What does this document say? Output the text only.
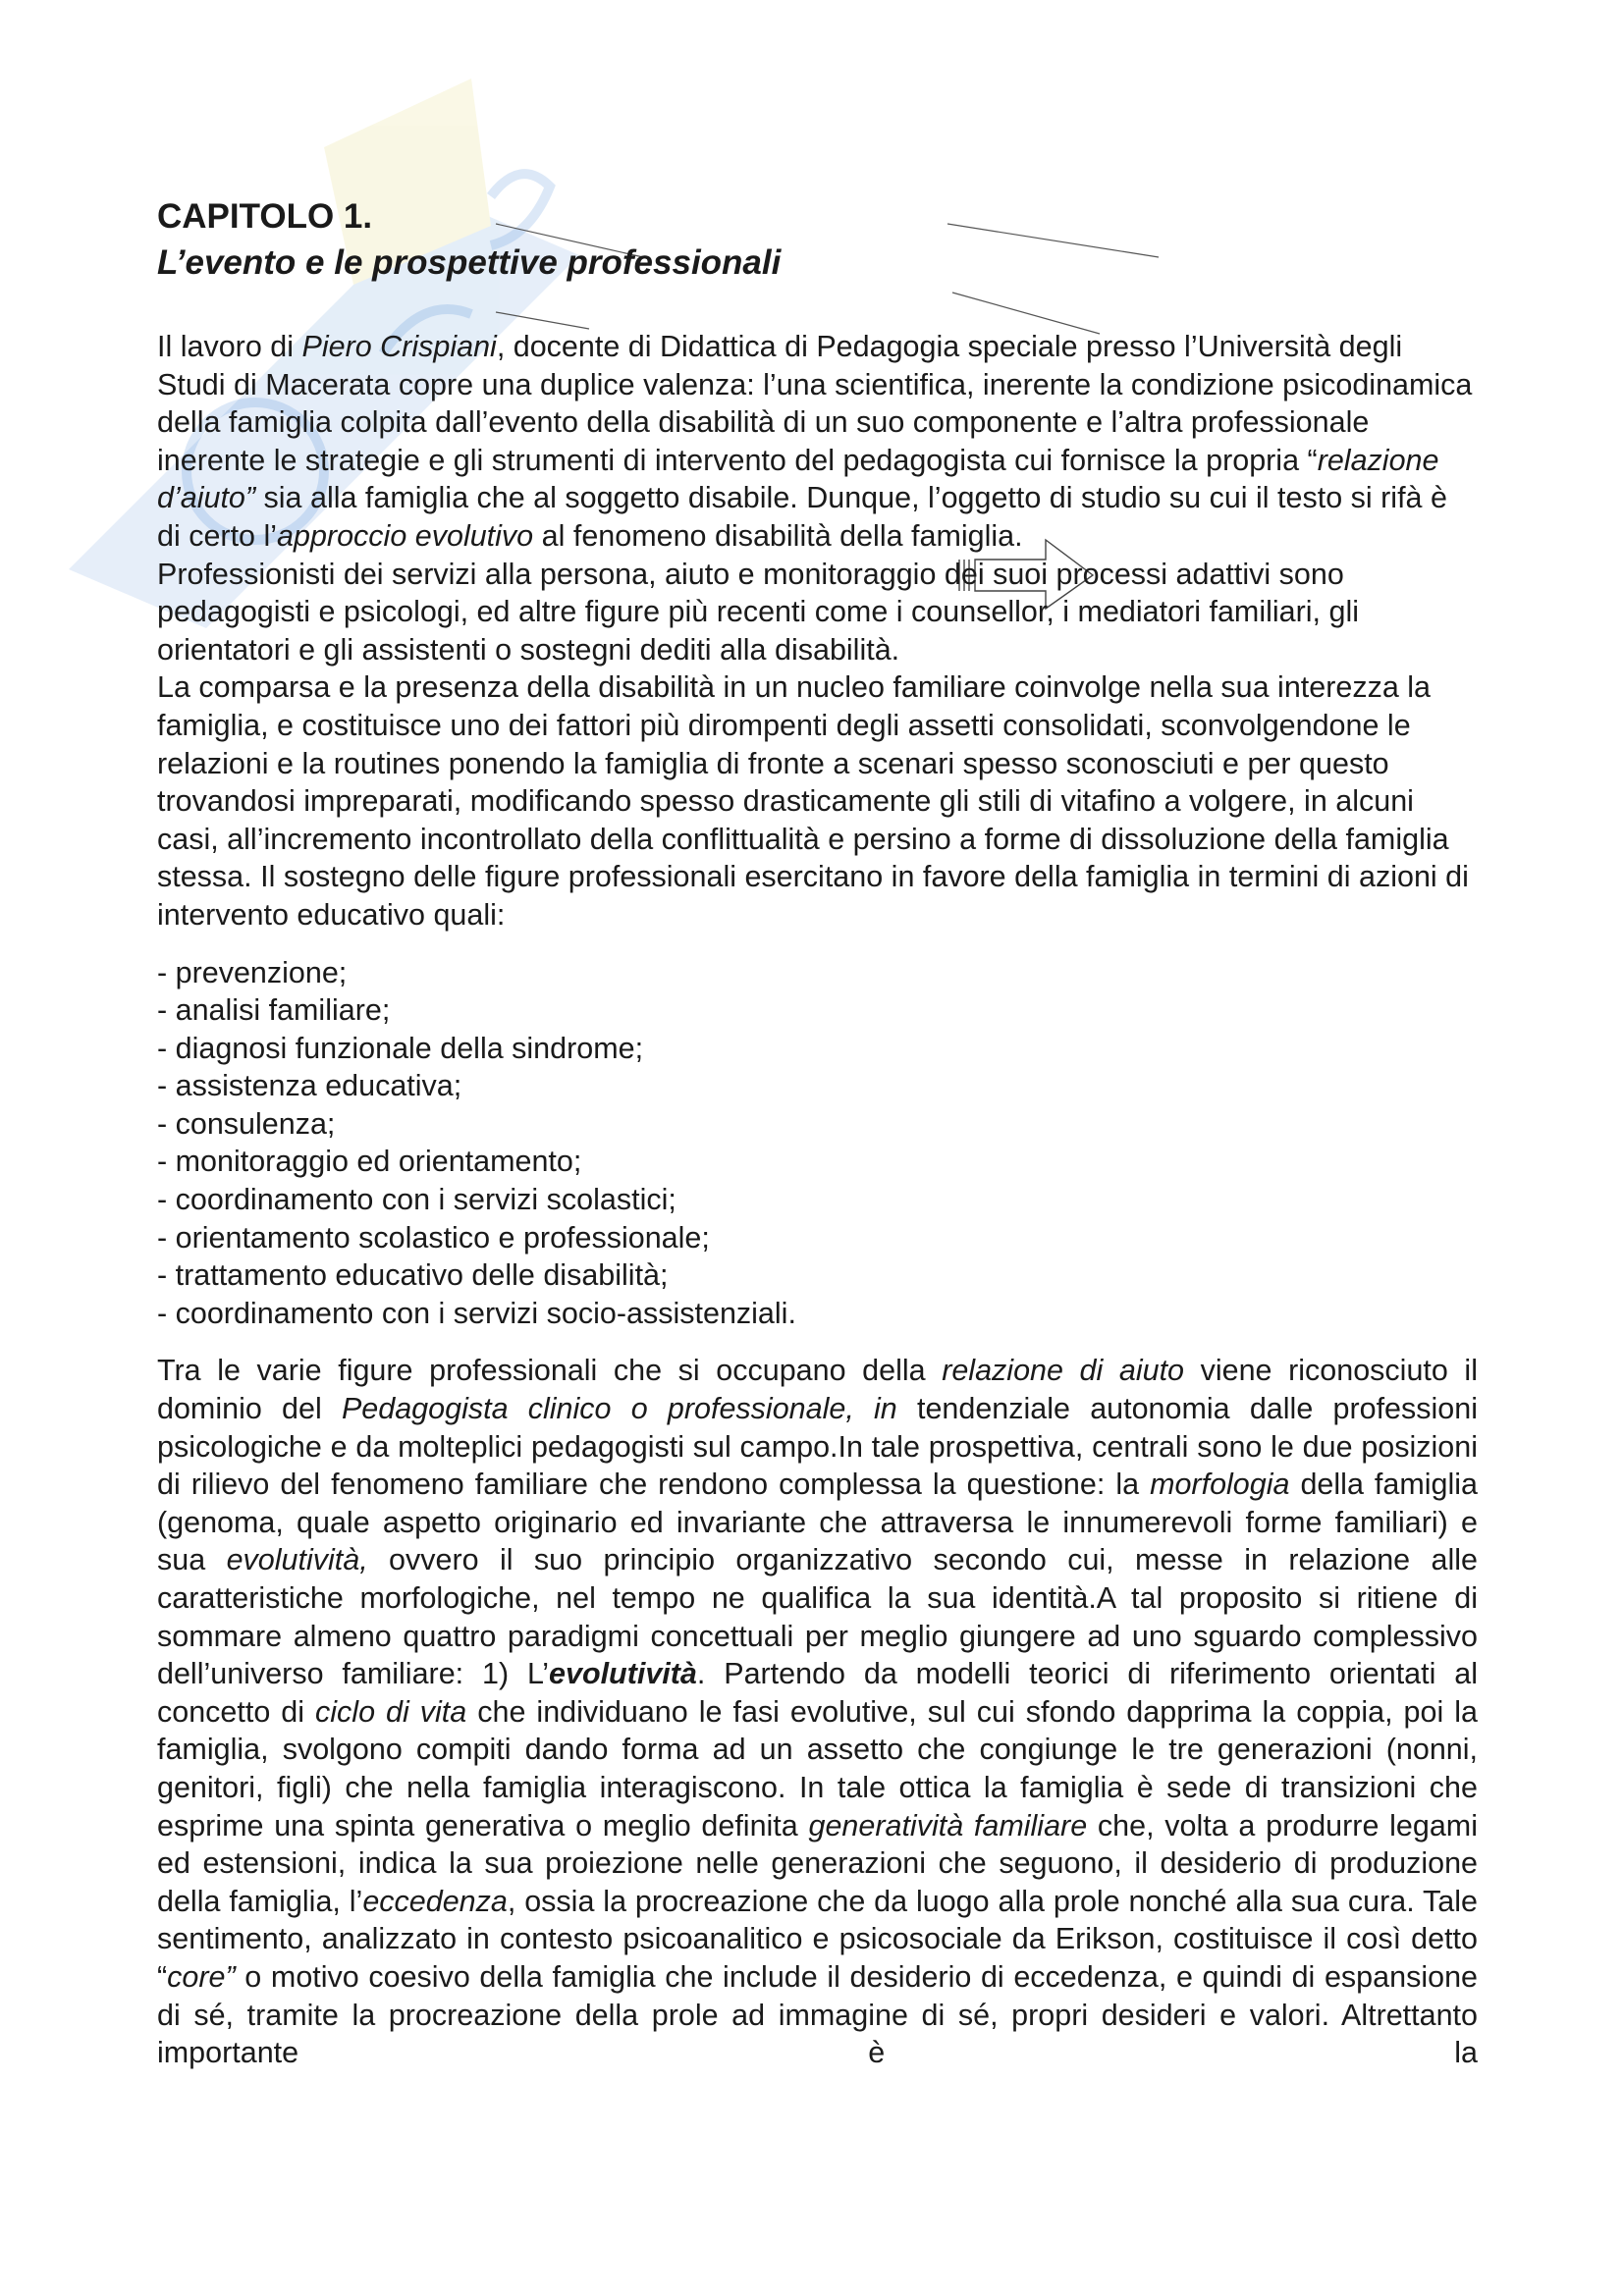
CAPITOLO 1.
L’evento e le prospettive professionali

Il lavoro di Piero Crispiani, docente di Didattica di Pedagogia speciale presso l’Università degli Studi di Macerata copre una duplice valenza: l’una scientifica, inerente la condizione psicodinamica della famiglia colpita dall’evento della disabilità di un suo componente e l’altra professionale inerente le strategie e gli strumenti di intervento del pedagogista cui fornisce la propria “relazione d’aiuto” sia alla famiglia che al soggetto disabile. Dunque, l’oggetto di studio su cui il testo si rifà è di certo l’approccio evolutivo al fenomeno disabilità della famiglia.

Professionisti dei servizi alla persona, aiuto e monitoraggio dei suoi processi adattivi sono pedagogisti e psicologi, ed altre figure più recenti come i counsellor, i mediatori familiari, gli orientatori e gli assistenti o sostegni dediti alla disabilità.

La comparsa e la presenza della disabilità in un nucleo familiare coinvolge nella sua interezza la famiglia, e costituisce uno dei fattori più dirompenti degli assetti consolidati, sconvolgendone le relazioni e la routines ponendo la famiglia di fronte a scenari spesso sconosciuti e per questo trovandosi impreparati, modificando spesso drasticamente gli stili di vitafino a volgere, in alcuni casi, all’incremento incontrollato della conflittualità e persino a forme di dissoluzione della famiglia stessa. Il sostegno delle figure professionali esercitano in favore della famiglia in termini di azioni di intervento educativo quali:

- prevenzione;
- analisi familiare;
- diagnosi funzionale della sindrome;
- assistenza educativa;
- consulenza;
- monitoraggio ed orientamento;
- coordinamento con i servizi scolastici;
- orientamento scolastico e professionale;
- trattamento educativo delle disabilità;
- coordinamento con i servizi socio-assistenziali.

Tra le varie figure professionali che si occupano della relazione di aiuto viene riconosciuto il dominio del Pedagogista clinico o professionale, in tendenziale autonomia dalle professioni psicologiche e da molteplici pedagogisti sul campo.In tale prospettiva, centrali sono le due posizioni di rilievo del fenomeno familiare che rendono complessa la questione: la morfologia della famiglia (genoma, quale aspetto originario ed invariante che attraversa le innumerevoli forme familiari) e sua evolutività, ovvero il suo principio organizzativo secondo cui, messe in relazione alle caratteristiche morfologiche, nel tempo ne qualifica la sua identità.A tal proposito si ritiene di sommare almeno quattro paradigmi concettuali per meglio giungere ad uno sguardo complessivo dell’universo familiare: 1) L’evolutività. Partendo da modelli teorici di riferimento orientati al concetto di ciclo di vita che individuano le fasi evolutive, sul cui sfondo dapprima la coppia, poi la famiglia, svolgono compiti dando forma ad un assetto che congiunge le tre generazioni (nonni, genitori, figli) che nella famiglia interagiscono. In tale ottica la famiglia è sede di transizioni che esprime una spinta generativa o meglio definita generatività familiare che, volta a produrre legami ed estensioni, indica la sua proiezione nelle generazioni che seguono, il desiderio di produzione della famiglia, l’eccedenza, ossia la procreazione che da luogo alla prole nonché alla sua cura. Tale sentimento, analizzato in contesto psicoanalitico e psicosociale da Erikson, costituisce il così detto “core” o motivo coesivo della famiglia che include il desiderio di eccedenza, e quindi di espansione di sé, tramite la procreazione della prole ad immagine di sé, propri desideri e valori. Altrettanto importante è la
